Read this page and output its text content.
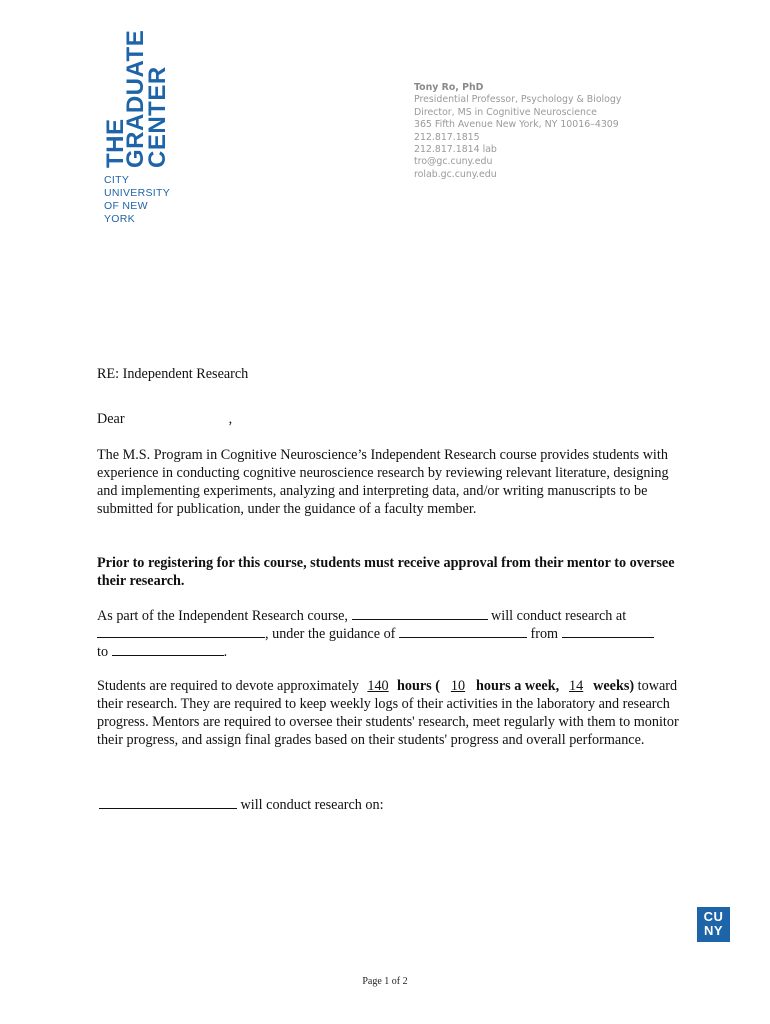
THE
GRADUATE
CENTER
CITY UNIVERSITY
OF NEW YORK
Tony Ro, PhD
Presidential Professor, Psychology & Biology
Director, MS in Cognitive Neuroscience
365 Fifth Avenue New York, NY 10016–4309
212.817.1815
212.817.1814 lab
tro@gc.cuny.edu
rolab.gc.cuny.edu
RE: Independent Research
Dear	,
The M.S. Program in Cognitive Neuroscience’s Independent Research course provides students with experience in conducting cognitive neuroscience research by reviewing relevant literature, designing and implementing experiments, analyzing and interpreting data, and/or writing manuscripts to be submitted for publication, under the guidance of a faculty member.
Prior to registering for this course, students must receive approval from their mentor to oversee their research.
As part of the Independent Research course,	will conduct research at
, under the guidance of	from
to	.
Students are required to devote approximately 140 hours ( 10 hours a week, 14 weeks) toward their research. They are required to keep weekly logs of their activities in the laboratory and research progress. Mentors are required to oversee their students' research, meet regularly with them to monitor their progress, and assign final grades based on their students' progress and overall performance.
will conduct research on:
CU
NY
Page 1 of 2
